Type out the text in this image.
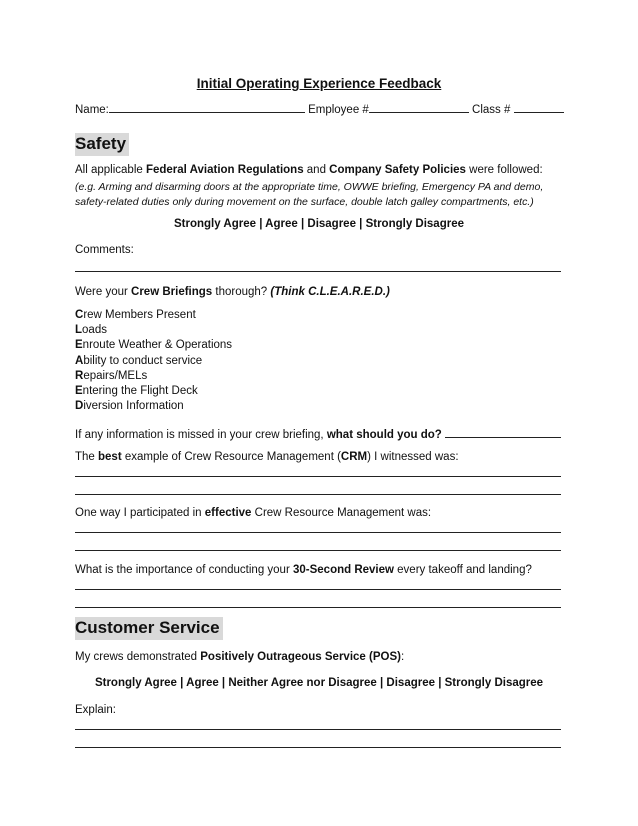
Initial Operating Experience Feedback
Name:	Employee #	Class #
Safety
All applicable Federal Aviation Regulations and Company Safety Policies were followed:
(e.g. Arming and disarming doors at the appropriate time, OWWE briefing, Emergency PA and demo,
safety-related duties only during movement on the surface, double latch galley compartments, etc.)
Strongly Agree | Agree | Disagree | Strongly Disagree
Comments:
Were your Crew Briefings thorough? (Think C.L.E.A.R.E.D.)
Crew Members Present
Loads
Enroute Weather & Operations
Ability to conduct service
Repairs/MELs
Entering the Flight Deck
Diversion Information
If any information is missed in your crew briefing, what should you do?
The best example of Crew Resource Management (CRM) I witnessed was:
One way I participated in effective Crew Resource Management was:
What is the importance of conducting your 30-Second Review every takeoff and landing?
Customer Service
My crews demonstrated Positively Outrageous Service (POS):
Strongly Agree | Agree | Neither Agree nor Disagree | Disagree | Strongly Disagree
Explain:
